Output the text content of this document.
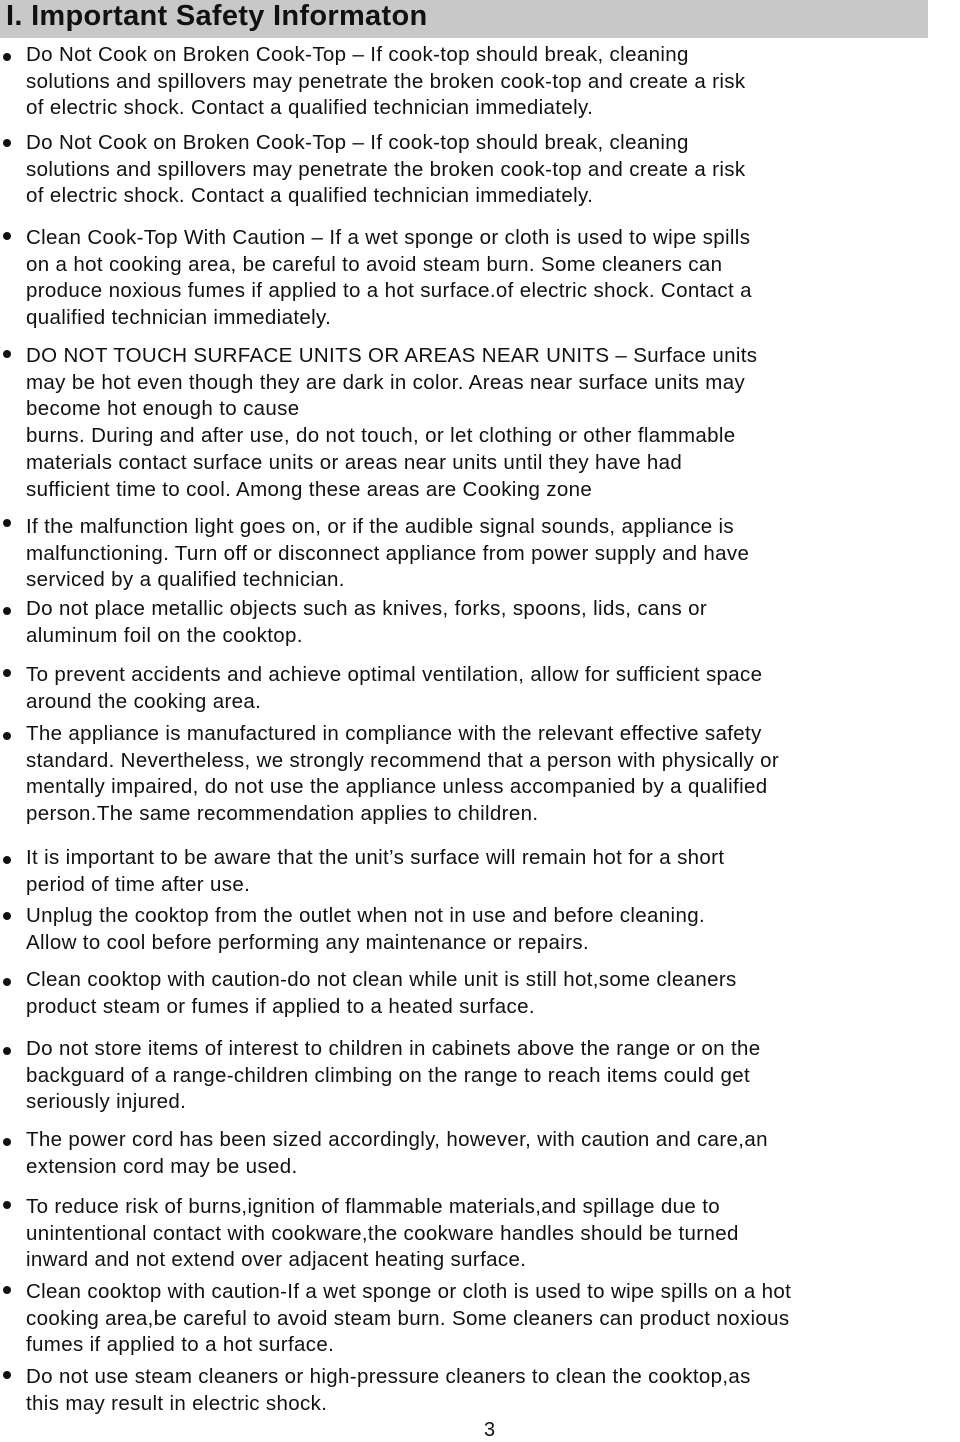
I. Important Safety Informaton
Do Not Cook on Broken Cook-Top – If cook-top should break, cleaning
solutions and spillovers may penetrate the broken cook-top and create a risk
of electric shock. Contact a qualified technician immediately.
Do Not Cook on Broken Cook-Top – If cook-top should break, cleaning
solutions and spillovers may penetrate the broken cook-top and create a risk
of electric shock. Contact a qualified technician immediately.
Clean Cook-Top With Caution – If a wet sponge or cloth is used to wipe spills
on a hot cooking area, be careful to avoid steam burn. Some cleaners can
produce noxious fumes if applied to a hot surface.of electric shock. Contact a
qualified technician immediately.
DO NOT TOUCH SURFACE UNITS OR AREAS NEAR UNITS – Surface units
may be hot even though they are dark in color. Areas near surface units may
become hot enough to cause
burns. During and after use, do not touch, or let clothing or other flammable
materials contact surface units or areas near units until they have had
sufficient time to cool. Among these areas are Cooking zone
If the malfunction light goes on, or if the audible signal sounds, appliance is
malfunctioning. Turn off or disconnect appliance from power supply and have
serviced by a qualified technician.
Do not place metallic objects such as knives, forks, spoons, lids, cans or
aluminum foil on the cooktop.
To prevent accidents and achieve optimal ventilation, allow for sufficient space
around the cooking area.
The appliance is manufactured in compliance with the relevant effective safety
standard. Nevertheless, we strongly recommend that a person with physically or
mentally impaired, do not use the appliance unless accompanied by a qualified
person.The same recommendation applies to children.
It is important to be aware that the unit’s surface will remain hot for a short
period of time after use.
Unplug the cooktop from the outlet when not in use and before cleaning.
Allow to cool before performing any maintenance or repairs.
Clean cooktop with caution-do not clean while unit is still hot,some cleaners
product steam or fumes if applied to a heated surface.
Do not store items of interest to children in cabinets above the range or on the
backguard of a range-children climbing on the range to reach items could get
seriously injured.
The power cord has been sized accordingly, however, with caution and care,an
extension cord may be used.
To reduce risk of burns,ignition of flammable materials,and spillage due to
unintentional contact with cookware,the cookware handles should be turned
inward and not extend over adjacent heating surface.
Clean cooktop with caution-If a wet sponge or cloth is used to wipe spills on a hot
cooking area,be careful to avoid steam burn. Some cleaners can product noxious
fumes if applied to a hot surface.
Do not use steam cleaners or high-pressure cleaners to clean the cooktop,as
this may result in electric shock.
3
